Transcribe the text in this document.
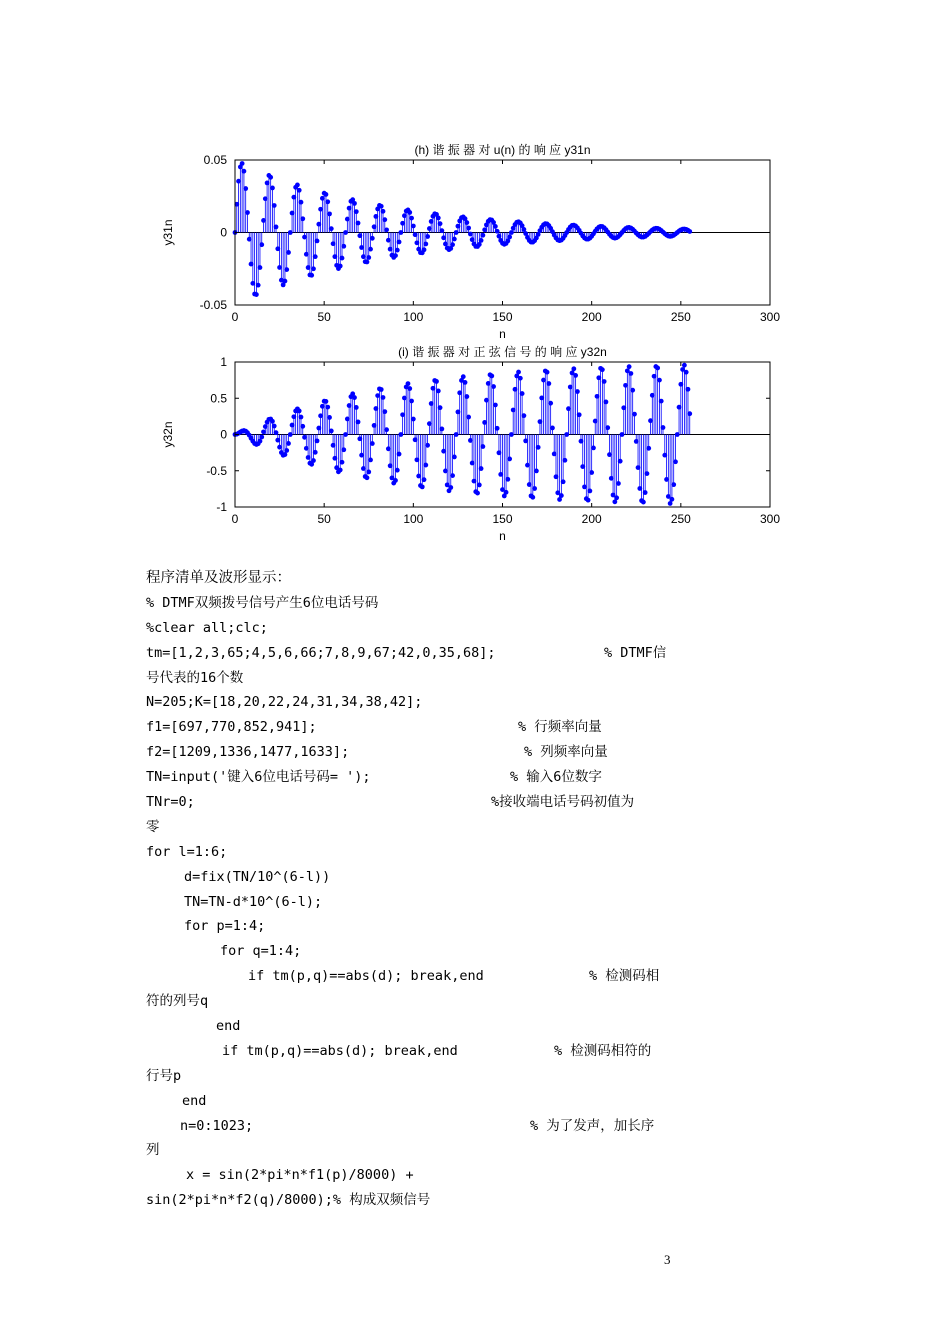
(h) 谐 振 器 对 u(n) 的 响 应 y31n
0	50	100	150	200	250	300
0.05
0
-0.05
n
y31n
(i) 谐 振 器 对 正 弦 信 号 的 响 应 y32n
0	50	100	150	200	250	300
1
0.5
0
-0.5
-1
n
y32n
程序清单及波形显示：
% DTMF双频拨号信号产生6位电话号码
%clear all;clc;
tm=[1,2,3,65;4,5,6,66;7,8,9,67;42,0,35,68];	% DTMF信
号代表的16个数
N=205;K=[18,20,22,24,31,34,38,42];
f1=[697,770,852,941];	% 行频率向量
f2=[1209,1336,1477,1633];	% 列频率向量
TN=input('键入6位电话号码= ');	% 输入6位数字
TNr=0;	%接收端电话号码初值为
零
for l=1:6;
d=fix(TN/10^(6-l))
TN=TN-d*10^(6-l);
for p=1:4;
for q=1:4;
if tm(p,q)==abs(d); break,end	% 检测码相
符的列号q
end
if tm(p,q)==abs(d); break,end	% 检测码相符的
行号p
end
n=0:1023;	% 为了发声，加长序
列
x = sin(2*pi*n*f1(p)/8000) +
sin(2*pi*n*f2(q)/8000);% 构成双频信号
3
